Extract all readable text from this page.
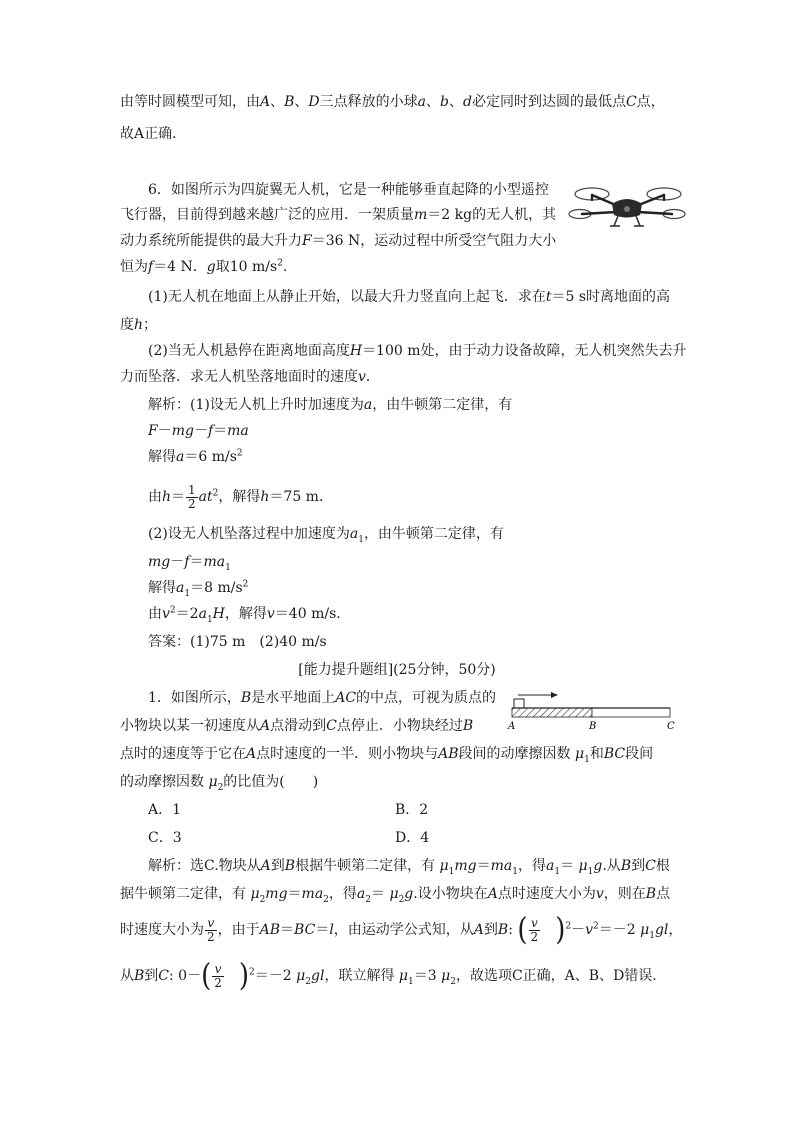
由等时圆模型可知，由A、B、D三点释放的小球a、b、d必定同时到达圆的最低点C点，
故A正确．
6．如图所示为四旋翼无人机，它是一种能够垂直起降的小型遥控
飞行器，目前得到越来越广泛的应用．一架质量m＝2 kg的无人机，其
动力系统所能提供的最大升力F＝36 N，运动过程中所受空气阻力大小
恒为f＝4 N．g取10 $m/s^2$．
(1)无人机在地面上从静止开始，以最大升力竖直向上起飞．求在t＝5 s时离地面的高
度h；
(2)当无人机悬停在距离地面高度H＝100 m处，由于动力设备故障，无人机突然失去升
力而坠落．求无人机坠落地面时的速度v．
解析：(1)设无人机上升时加速度为a，由牛顿第二定律，有
F－mg－f＝ma
解得a＝6 $m/s^2$
由$h= \frac{1}{2} at^2$，解得h＝75 m．
(2)设无人机坠落过程中加速度为$a_1$，由牛顿第二定律，有
$mg-f=ma_1$
解得$a_1=8$ $m/s^2$
由$v^2=2a_1H$，解得v＝40 m/s．
答案：(1)75 m　(2)40 m/s
[能力提升题组](25分钟，50分)
1．如图所示，B是水平地面上AC的中点，可视为质点的
小物块以某一初速度从A点滑动到C点停止．小物块经过B
点时的速度等于它在A点时速度的一半．则小物块与AB段间的动摩擦因数 $\mu_1$和BC段间
的动摩擦因数 $\mu_2$的比值为(　　)
A	B	C
A．1	B．2
C．3	D．4
解析：选C.物块从A到B根据牛顿第二定律，有 $\mu_1mg=ma_1$，得$a_1= \mu_1g$.从B到C根
据牛顿第二定律，有 $\mu_2mg=ma_2$，得$a_2= \mu_2g$.设小物块在A点时速度大小为v，则在B点
时速度大小为 $\frac{v}{2}$ ，由于AB＝BC＝l，由运动学公式知，从A到B: ( $\frac{v}{2}$
  )$^2-v^2=-2$ $\mu_1gl$，
从B到C: $0-( \frac{v}{2}$
  )$^2$＝－2 $\mu_2gl$，联立解得 $\mu_1=3$ $\mu_2$，故选项C正确，A、B、D错误．
